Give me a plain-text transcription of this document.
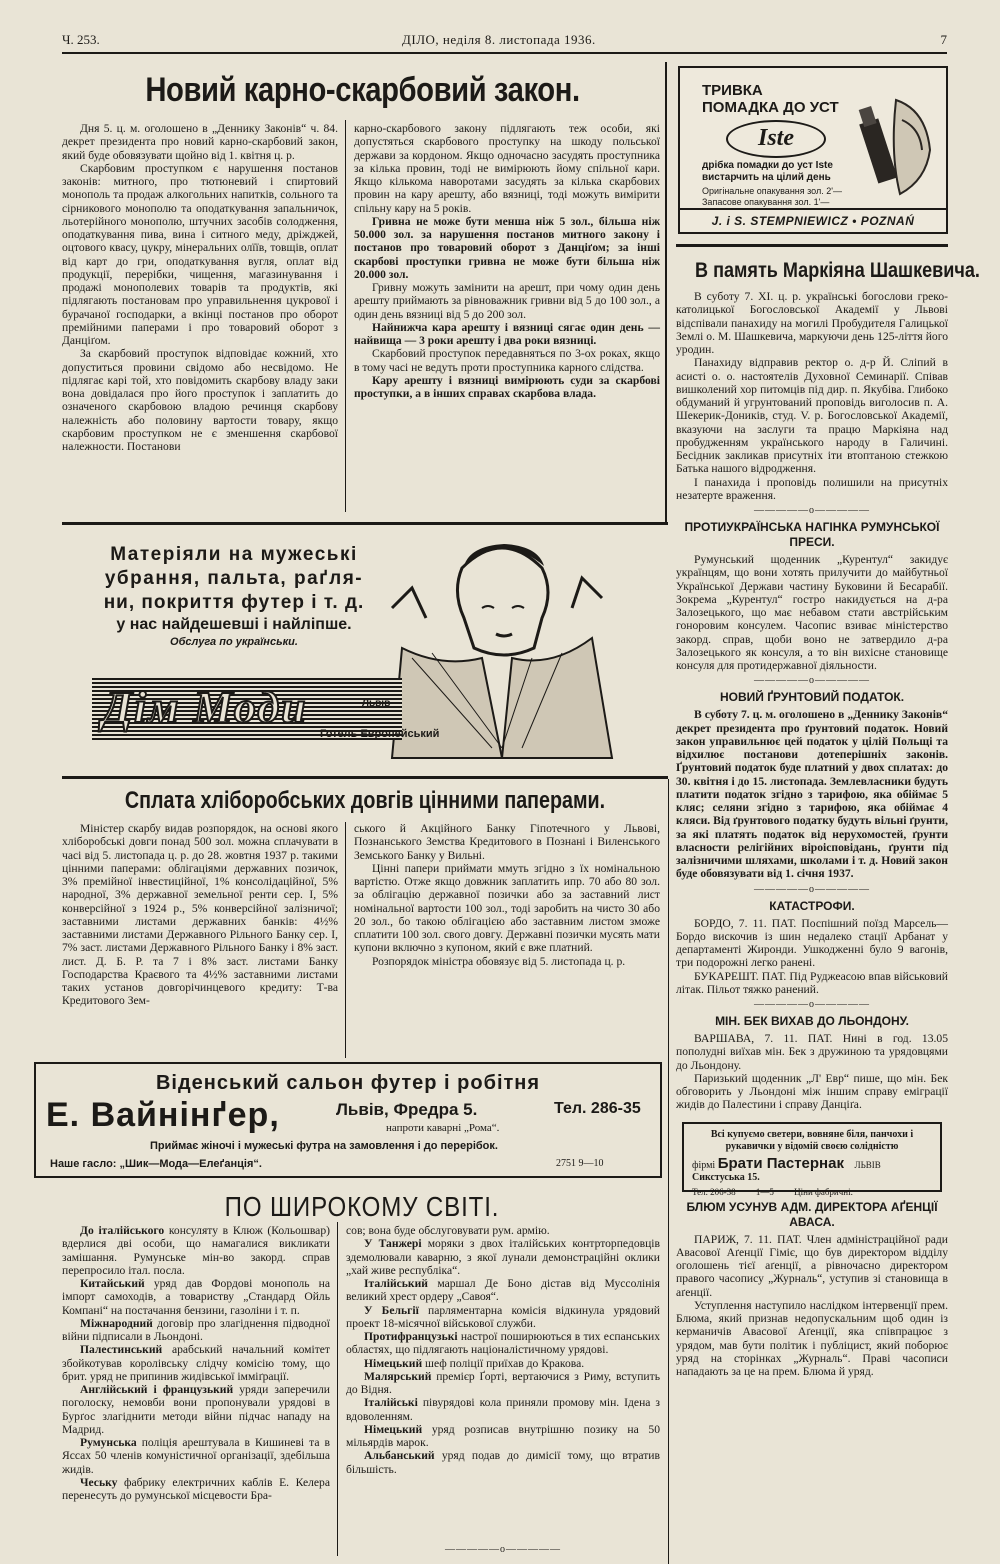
Ч. 253.	ДІЛО, неділя 8. листопада 1936.	7
Новий карно-скарбовий закон.

Дня 5. ц. м. оголошено в „Деннику Законів“ ч. 84. декрет президента про новий карно-скарбовий закон, який буде обовязувати щойно від 1. квітня ц. р.

Скарбовим проступком є нарушення постанов законів: митного, про тютюневий і спиртовий монополь та продаж алкогольних напитків, сольного та сірникового монополю та оподаткування запальничок, льотерійного монополю, штучних засобів солодження, оподаткування пива, вина і ситного меду, дріжджей, оцтового квасу, цукру, мінеральних олїїв, товщів, оплат від карт до гри, оподаткування вугля, оплат від продукції, перерібки, чищення, магазинування і продажі монополевих товарів та продуктів, які підлягають постановам про управильнення цукрової і бурачаної господарки, а вкінці постанов про оборот премійними паперами і про товаровий оборот з Данціґом.

За скарбовий проступок відповідає кожний, хто допуститься провини свідомо або несвідомо. Не підлягає карі той, хто повідомить скарбову владу заки вона довідалася про його проступок і заплатить до означеного скарбовою владою речинця скарбову належність або половину вартости товару, якщо скарбовим проступком не є зменшення скарбової належности. Постанови

карно-скарбового закону підлягають теж особи, які допустяться скарбового проступку на шкоду польської держави за кордоном. Якщо одночасно засудять проступника за кілька провин, тоді не вимірюють йому спільної кари. Якщо кількома наворотами засудять за кілька скарбових провин на кару арешту, або вязниці, тоді можуть вимірити спільну кару на 5 років.

Гривна не може бути менша ніж 5 зол., більша ніж 50.000 зол. за нарушення постанов митного закону і постанов про товаровий оборот з Данціґом; за інші скарбові проступки гривна не може бути більша ніж 20.000 зол.

Гривну можуть замінити на арешт, при чому один день арешту приймають за рівноважник гривни від 5 до 100 зол., а один день вязниці від 5 до 200 зол.

Найнижча кара арешту і вязниці сягає один день — найвища — 3 роки арешту і два роки вязниці.

Скарбовий проступок передавняться по 3-ох роках, якщо в тому часі не ведуть проти проступника карного слідства.

Кару арешту і вязниці вимірюють суди за скарбові проступки, а в інших справах скарбова влада.

ТРИВКА
ПОМАДКА ДО УСТ
Iste
дрібка помадки до уст Iste
вистарчить на цілий день
Оригінальне опакування зол. 2'—
Запасове опакування зол. 1'—
J. i S. STEMPNIEWICZ • POZNAŃ
В память Маркіяна Шашкевича.

В суботу 7. XI. ц. р. українські богослови греко-католицької Богословської Академії у Львові відспівали панахиду на могилі Пробудителя Галицької Землі о. М. Шашкевича, маркуючи день 125-ліття його уродин.

Панахиду відправив ректор о. д-р Й. Сліпий в асисті о. о. настоятелів Духовної Семинарії. Співав вишколений хор питомців під дир. п. Якубіва. Глибоко обдуманий й угрунтований проповідь виголосив п. А. Шекерик-Доників, студ. V. р. Богословської Академії, вказуючи на заслуги та працю Маркіяна над пробудженням українського народу в Галичині. Бесідник закликав присутніх іти втоптаною стежкою Батька нашого відродження.

І панахида і проповідь полишили на присутніх незатерте враження.

—————o—————
ПРОТИУКРАЇНСЬКА НАГІНКА РУМУНСЬКОЇ ПРЕСИ.

Румунський щоденник „Курентул“ закидує українцям, що вони хотять прилучити до майбутньої Української Держави частину Буковини й Бесарабії. Зокрема „Курентул“ гостро накидується на д-ра Залозецького, що має небавом стати австрійським гоноровим консулем. Часопис взиває міністерство закорд. справ, щоби воно не затвердило д-ра Залозецького як консуля, а то він вихісне становище консуля для протидержавної діяльности.

—————o—————
НОВИЙ ҐРУНТОВИЙ ПОДАТОК.

В суботу 7. ц. м. оголошено в „Деннику Законів“ декрет президента про ґрунтовий податок. Новий закон управильнює цей податок у цілій Польщі та відхилює постанови дотеперішніх законів. Ґрунтовий податок буде платний у двох сплатах: до 30. квітня і до 15. листопада. Землевласники будуть платити податок згідно з тарифою, яка обіймає 5 кляс; селяни згідно з тарифою, яка обіймає 4 кляси. Від ґрунтового податку будуть вільні ґрунти, за які платять податок від нерухомостей, ґрунти власности релігійних віроісповідань, ґрунти під залізничими шляхами, школами і т. д. Новий закон буде обовязувати від 1. січня 1937.

—————o—————
КАТАСТРОФИ.

БОРДО, 7. 11. ПАТ. Поспішний поїзд Марсель—Бордо вискочив із шин недалеко стації Арбанат у департаменті Жиронди. Ушкодженні було 9 вагонів, три подорожні легко ранені.

БУКАРЕШТ. ПАТ. Під Руджеасою впав військовий літак. Пільот тяжко ранений.

—————o—————
МІН. БЕК ВИХАВ ДО ЛЬОНДОНУ.

ВАРШАВА, 7. 11. ПАТ. Нині в год. 13.05 пополудні виїхав мін. Бек з дружиною та урядовцями до Льондону.

Паризький щоденник „Л' Евр“ пише, що мін. Бек обговорить у Льондоні між іншим справу еміграції жидів до Палестини і справу Данціґа.

Всі купуємо светери, вовняне біля, панчохи і рукавички у відомій своєю солідністю
фірмі Брати Пастернак ЛЬВІВ Сикстуська 15.
Тел. 206-38 1—5 Ціни фабричні.
БЛЮМ УСУНУВ АДМ. ДИРЕКТОРА АҐЕНЦІЇ АВАСА.

ПАРИЖ, 7. 11. ПАТ. Член адміністраційної ради Авасової Аґенції Гіміє, що був директором відділу оголошень тієї аґенції, а рівночасно директором правого часопису „Журналь“, уступив зі становища в аґенції.

Уступлення наступило наслідком інтервенції прем. Блюма, який признав недопускальним щоб один із керманичів Авасової Аґенції, яка співпрацює з урядом, мав бути політик і публіцист, який поборює уряд на сторінках „Журналь“. Праві часописи нападають за це на прем. Блюма й уряд.

Матеріяли на мужеські
убрання, пальта, раґля-
ни, покриття футер і т. д.
у нас найдешевші і найліпше.
Обслуга по українськи.
Дім Моди	Львів
Готель Европейський
Сплата хліборобських довгів цінними паперами.

Міністер скарбу видав розпорядок, на основі якого хліборобські довги понад 500 зол. можна сплачувати в часі від 5. листопада ц. р. до 28. жовтня 1937 р. такими цінними паперами: облігаціями державних позичок, 3% премійної інвестиційної, 1% консолідаційної, 5% народної, 3% державної земельної ренти сер. І, 5% конверсійної з 1924 р., 5% конверсійної залізничої; заставними листами державних банків: 4½% заставними листами Державного Рільного Банку сер. І, 7% заст. листами Державного Рільного Банку і 8% заст. лист. Д. Б. Р. та 7 і 8% заст. листами Банку Господарства Краєвого та 4½% заставними листами таких установ довгорічинцевого кредиту: Т-ва Кредитового Зем-

ського й Акційного Банку Гіпотечного у Львові, Познанського Земства Кредитового в Познані і Виленського Земського Банку у Вильні.

Цінні папери приймати ммуть згідно з їх номінальною вартістю. Отже якщо довжник заплатить ипр. 70 або 80 зол. за облігацію державної позички або за заставний лист номінальної вартости 100 зол., тоді заробить на чисто 30 або 20 зол., бо такою облігацією або заставним листом зможе сплатити 100 зол. свого довгу. Державні позички мусять мати купони включно з купоном, який є вже платний.

Розпорядок міністра обовязує від 5. листопада ц. р.

Віденський сальон футер і робітня
Е. Вайнінґер,	Львів, Фредра 5.	Тел. 286-35
напроти каварні „Рома“.
Приймає жіночі і мужеські футра на замовлення і до перерібок.
Наше гасло: „Шик—Мода—Елеґанція“.	2751 9—10
ПО ШИРОКОМУ СВІТІ.

До італійського консуляту в Клюж (Кольошвар) вдерлися дві особи, що намагалися викликати замішання. Румунське мін-во закорд. справ перепросило італ. посла.

Китайський уряд дав Фордові монополь на імпорт самоходів, а товариству „Стандард Ойль Компані“ на постачання бензини, газоліни і т. п.

Міжнародний договір про злагіднення підводної війни підписали в Льондоні.

Палестинський арабський начальний комітет збойкотував королівську слідчу комісію тому, що брит. уряд не припинив жидівської імміґрації.

Англійський і французький уряди заперечили поголоску, немовби вони пропонували урядові в Бурґос злагіднити методи війни підчас нападу на Мадрид.

Румунська поліція арештувала в Кишиневі та в Яссах 50 членів комуністичної організації, здебільша жидів.

Чеську фабрику електричних каблів Е. Келера перенесуть до румунської місцевости Бра-

сов; вона буде обслуговувати рум. армію.

У Танжері моряки з двох італійських контрторпедовців здемолювали каварню, з якої лунали демонстраційні оклики „хай живе республіка“.

Італійський маршал Де Боно дістав від Муссолінія великий хрест ордеру „Савоя“.

У Бельгії парляментарна комісія відкинула урядовий проект 18-місячної військової служби.

Протифранцузькі настрої поширюються в тих еспанських областях, що підлягають націоналістичному урядові.

Німецький шеф поліції приїхав до Кракова.

Малярський премієр Ґорті, вертаючися з Риму, вступить до Відня.

Італійські півурядові кола приняли промову мін. Ідена з вдоволенням.

Німецький уряд розписав внутрішню позику на 50 мільярдів марок.

Альбанський уряд подав до димісії тому, що втратив більшість.

—————o—————
